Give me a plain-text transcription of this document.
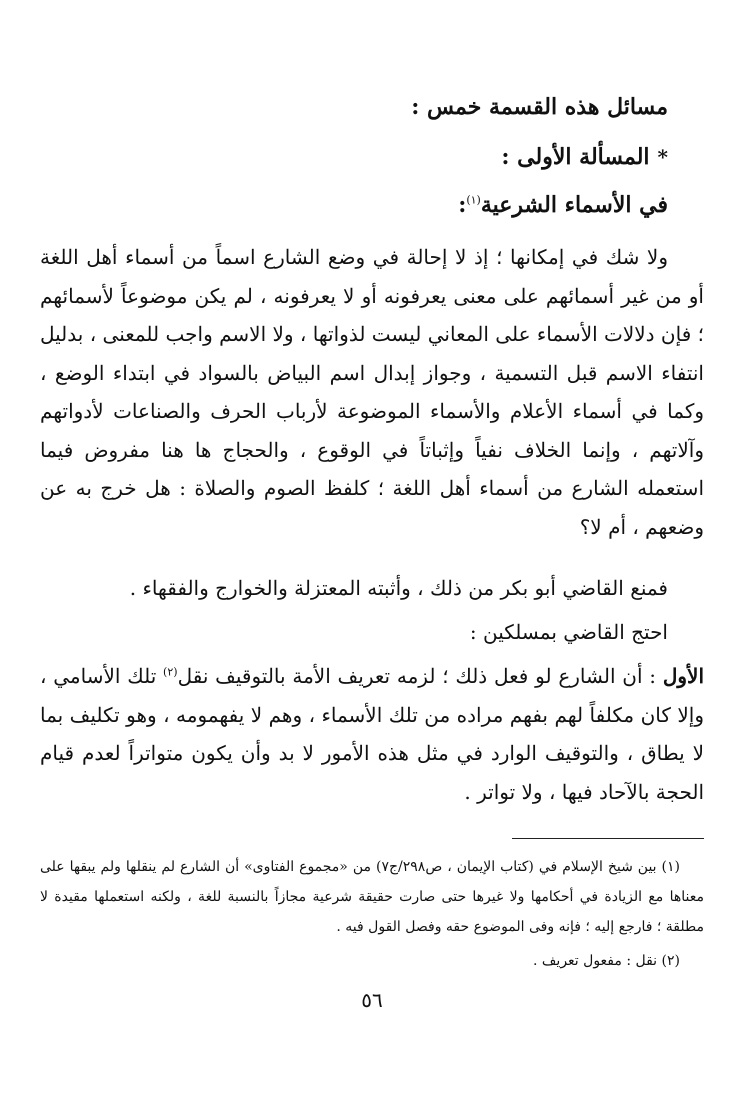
مسائل هذه القسمة خمس :
*المسألة الأولى :
في الأسماء الشرعية$^{(١)}$:

ولا شك في إمكانها ؛ إذ لا إحالة في وضع الشارع اسماً من أسماء أهل اللغة أو من غير أسمائهم على معنى يعرفونه أو لا يعرفونه ، لم يكن موضوعاً لأسمائهم ؛ فإن دلالات الأسماء على المعاني ليست لذواتها ، ولا الاسم واجب للمعنى ، بدليل انتفاء الاسم قبل التسمية ، وجواز إبدال اسم البياض بالسواد في ابتداء الوضع ، وكما في أسماء الأعلام والأسماء الموضوعة لأرباب الحرف والصناعات لأدواتهم وآلاتهم ، وإنما الخلاف نفياً وإثباتاً في الوقوع ، والحجاج ها هنا مفروض فيما استعمله الشارع من أسماء أهل اللغة ؛ كلفظ الصوم والصلاة : هل خرج به عن وضعهم ، أم لا؟

فمنع القاضي أبو بكر من ذلك ، وأثبته المعتزلة والخوارج والفقهاء .

احتج القاضي بمسلكين :

الأول : أن الشارع لو فعل ذلك ؛ لزمه تعريف الأمة بالتوقيف نقل$^{(٢)}$ تلك الأسامي ، وإلا كان مكلفاً لهم بفهم مراده من تلك الأسماء ، وهم لا يفهمومه ، وهو تكليف بما لا يطاق ، والتوقيف الوارد في مثل هذه الأمور لا بد وأن يكون متواتراً لعدم قيام الحجة بالآحاد فيها ، ولا تواتر .

(١) بين شيخ الإسلام في (كتاب الإيمان ، ص٢٩٨/ج٧) من «مجموع الفتاوى» أن الشارع لم ينقلها ولم يبقها على معناها مع الزيادة في أحكامها ولا غيرها حتى صارت حقيقة شرعية مجازاً بالنسبة للغة ، ولكنه استعملها مقيدة لا مطلقة ؛ فارجع إليه ؛ فإنه وفى الموضوع حقه وفصل القول فيه .

(٢) نقل : مفعول تعريف .

٥٦
